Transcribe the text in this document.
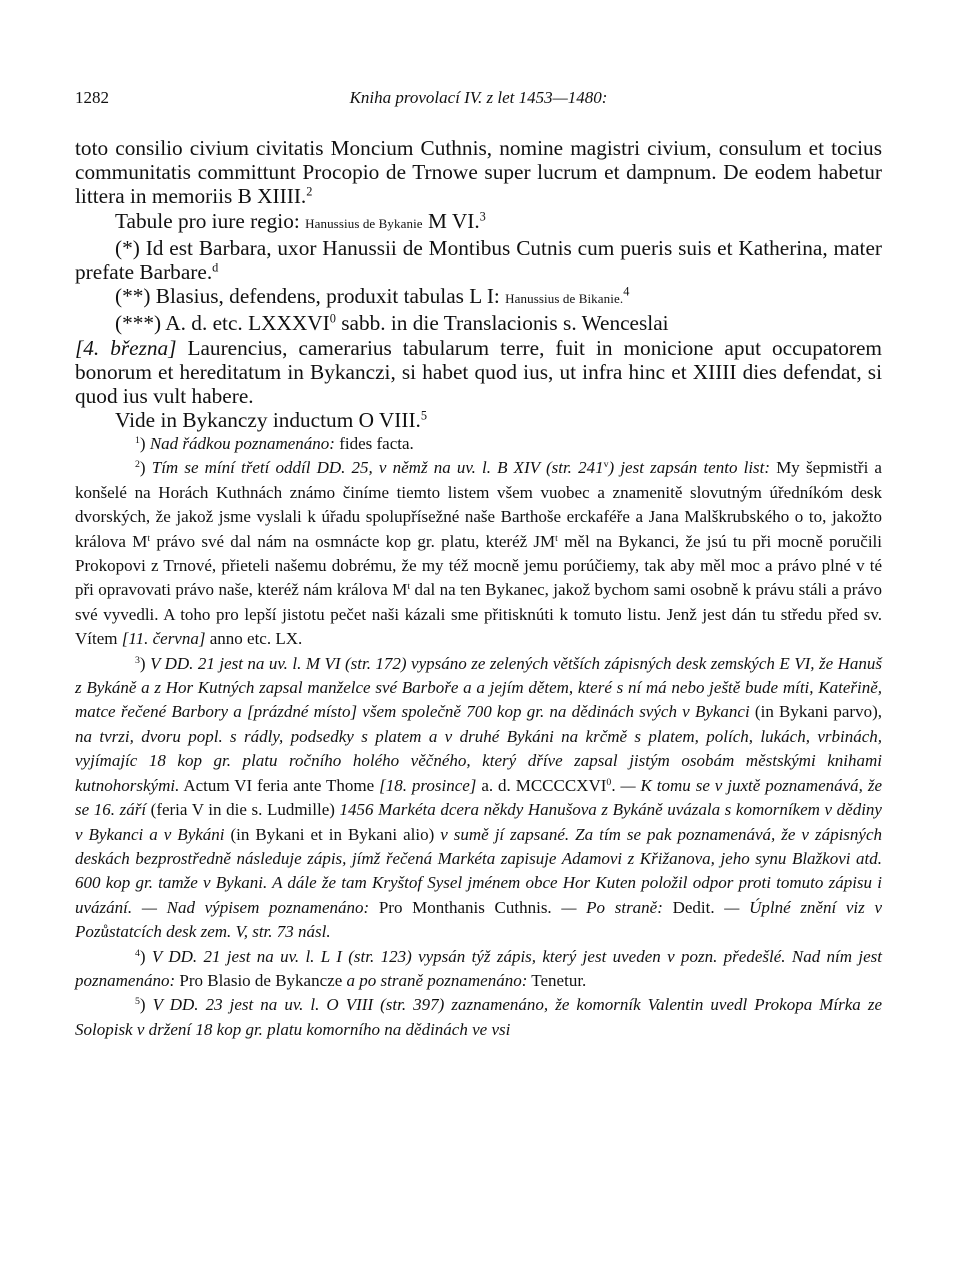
1282	Kniha provolací IV. z let 1453—1480:

toto consilio civium civitatis Moncium Cuthnis, nomine magistri civium, consulum et tocius communitatis committunt Procopio de Trnowe super lucrum et dampnum. De eodem habetur littera in memoriis B XIIII.$^2$

Tabule pro iure regio: Hanussius de Bykanie M VI.$^3$

(*) Id est Barbara, uxor Hanussii de Montibus Cutnis cum pueris suis et Katherina, mater prefate Barbare.$^d$

(**) Blasius, defendens, produxit tabulas L I: Hanussius de Bikanie.$^4$

(***) A. d. etc. LXXXVI$^0$ sabb. in die Translacionis s. Wenceslai

[4. března] Laurencius, camerarius tabularum terre, fuit in monicione aput occupatorem bonorum et hereditatum in Bykanczi, si habet quod ius, ut infra hinc et XIIII dies defendat, si quod ius vult habere.

Vide in Bykanczy inductum O VIII.$^5$

$^1$) Nad řádkou poznamenáno: fides facta.

$^2$) Tím se míní třetí oddíl DD. 25, v němž na uv. l. B XIV (str. 241$^v$) jest zapsán tento list: My šepmistři a konšelé na Horách Kuthnách známo činíme tiemto listem všem vuobec a znamenitě slovutným úředníkóm desk dvorských, že jakož jsme vyslali k úřadu spolupřísežné naše Barthoše erckaféře a Jana Malškrubského o to, jakožto králova $M^t$ právo své dal nám na osmnácte kop gr. platu, kteréž $JM^t$ měl na Bykanci, že jsú tu při mocně poručili Prokopovi z Trnové, přieteli našemu dobrému, že my též mocně jemu porúčiemy, tak aby měl moc a právo plné v té při opravovati právo naše, kteréž nám králova $M^t$ dal na ten Bykanec, jakož bychom sami osobně k právu stáli a právo své vyvedli. A toho pro lepší jistotu pečet naši kázali sme přitisknúti k tomuto listu. Jenž jest dán tu středu před sv. Vítem [11. června] anno etc. LX.

$^3$) V DD. 21 jest na uv. l. M VI (str. 172) vypsáno ze zelených větších zápisných desk zemských E VI, že Hanuš z Bykáně a z Hor Kutných zapsal manželce své Barboře a a jejím dětem, které s ní má nebo ještě bude míti, Kateřině, matce řečené Barbory a [prázdné místo] všem společně 700 kop gr. na dědinách svých v Bykanci (in Bykani parvo), na tvrzi, dvoru popl. s rádly, podsedky s platem a v druhé Bykáni na krčmě s platem, polích, lukách, vrbinách, vyjímajíc 18 kop gr. platu ročního holého věčného, který dříve zapsal jistým osobám městskými knihami kutnohorskými. Actum VI feria ante Thome [18. prosince] a. d. MCCCCXVI$^0$. — K tomu se v juxtě poznamenává, že se 16. září (feria V in die s. Ludmille) 1456 Markéta dcera někdy Hanušova z Bykáně uvázala s komorníkem v dědiny v Bykanci a v Bykáni (in Bykani et in Bykani alio) v sumě jí zapsané. Za tím se pak poznamenává, že v zápisných deskách bezprostředně následuje zápis, jímž řečená Markéta zapisuje Adamovi z Křižanova, jeho synu Blažkovi atd. 600 kop gr. tamže v Bykani. A dále že tam Kryštof Sysel jménem obce Hor Kuten položil odpor proti tomuto zápisu i uvázání. — Nad výpisem poznamenáno: Pro Monthanis Cuthnis. — Po straně: Dedit. — Úplné znění viz v Pozůstatcích desk zem. V, str. 73 násl.

$^4$) V DD. 21 jest na uv. l. L I (str. 123) vypsán týž zápis, který jest uveden v pozn. předešlé. Nad ním jest poznamenáno: Pro Blasio de Bykancze a po straně poznamenáno: Tenetur.

$^5$) V DD. 23 jest na uv. l. O VIII (str. 397) zaznamenáno, že komorník Valentin uvedl Prokopa Mírka ze Solopisk v držení 18 kop gr. platu komorního na dědinách ve vsi
